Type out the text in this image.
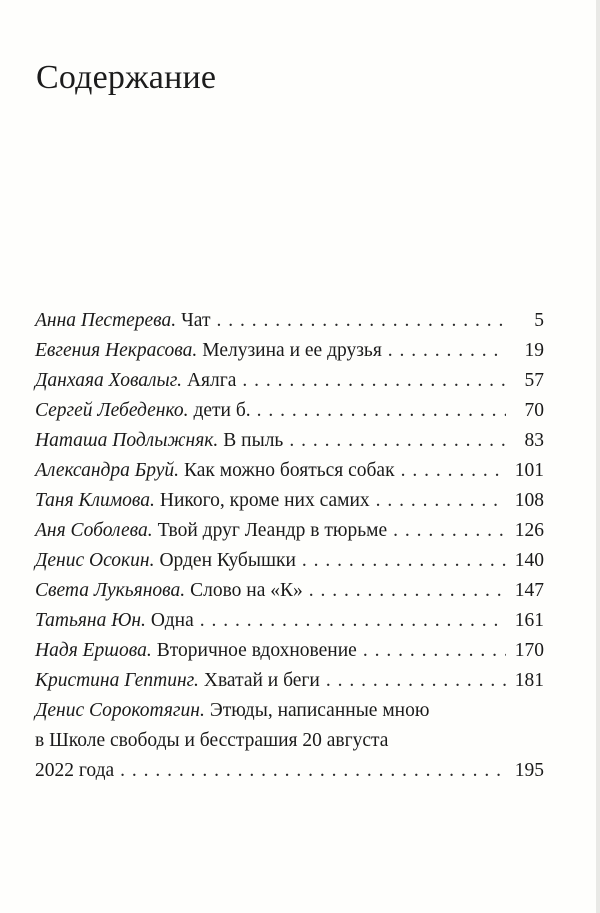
Содержание
Анна Пестерева. Чат . . .	5
Евгения Некрасова. Мелузина и ее друзья . . .	19
Данхаяа Ховалыг. Аялга . . .	57
Сергей Лебеденко. дети б. . . .	70
Наташа Подлыжняк. В пыль . . .	83
Александра Бруй. Как можно бояться собак . . .	101
Таня Климова. Никого, кроме них самих . . .	108
Аня Соболева. Твой друг Леандр в тюрьме . . .	126
Денис Осокин. Орден Кубышки . . .	140
Света Лукьянова. Слово на «К» . . .	147
Татьяна Юн. Одна . . .	161
Надя Ершова. Вторичное вдохновение . . .	170
Кристина Гептинг. Хватай и беги . . .	181
Денис Сорокотягин. Этюды, написанные мною
в Школе свободы и бесстрашия 20 августа
2022 года . . .	195
